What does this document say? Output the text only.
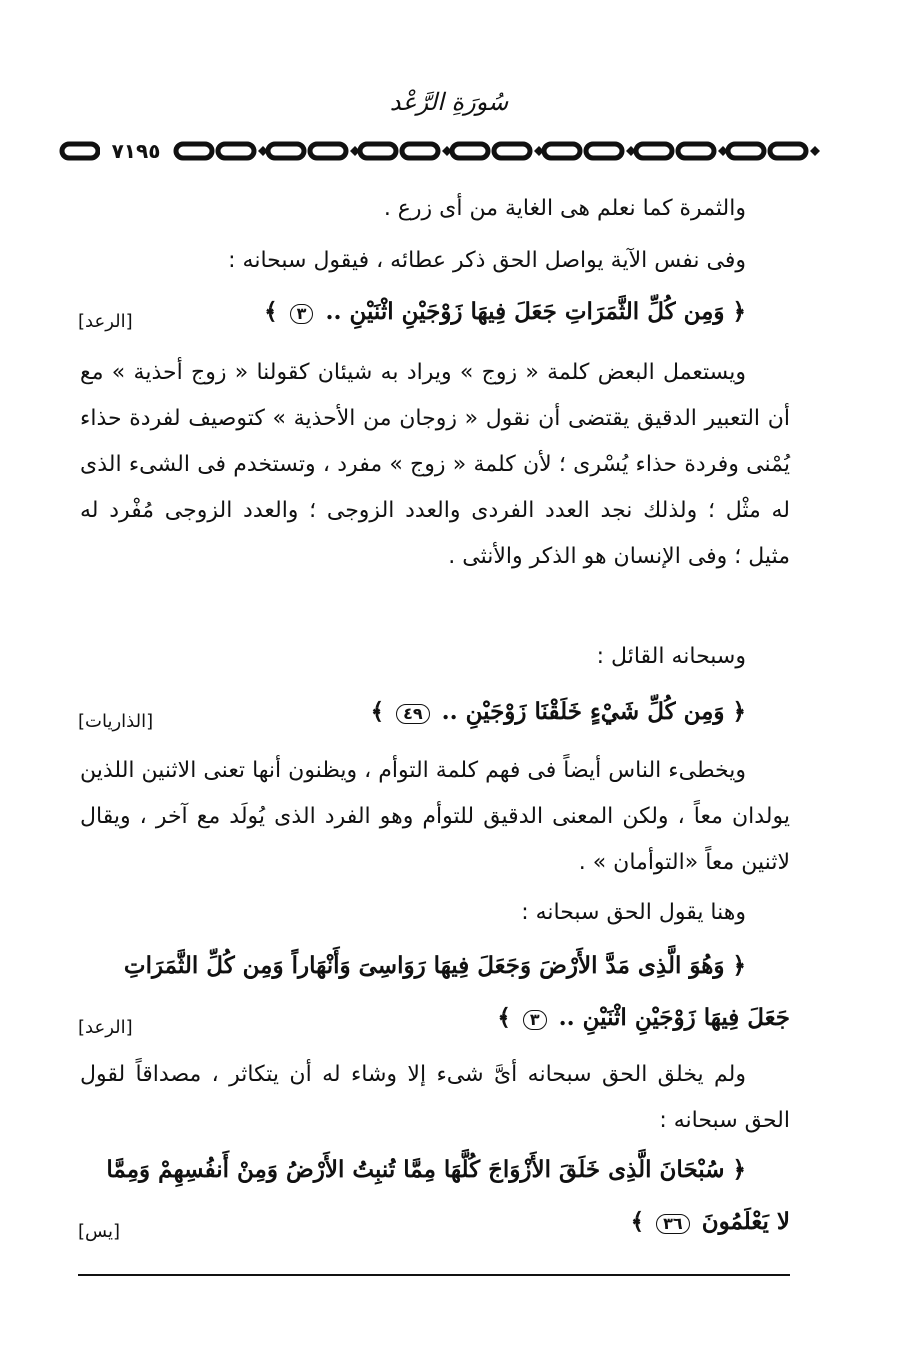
سُورَةِ الرَّعْد
٧١٩٥
والثمرة كما نعلم هى الغاية من أى زرع .
وفى نفس الآية يواصل الحق ذكر عطائه ، فيقول سبحانه :
﴿ وَمِن كُلِّ الثَّمَرَاتِ جَعَلَ فِيهَا زَوْجَيْنِ اثْنَيْنِ .. ٣ ﴾
[الرعد]
ويستعمل البعض كلمة « زوج » ويراد به شيئان كقولنا « زوج أحذية » مع أن التعبير الدقيق يقتضى أن نقول « زوجان من الأحذية » كتوصيف لفردة حذاء يُمْنى وفردة حذاء يُسْرى ؛ لأن كلمة « زوج » مفرد ، وتستخدم فى الشىء الذى له مثْل ؛ ولذلك نجد العدد الفردى والعدد الزوجى ؛ والعدد الزوجى مُفْرد له مثيل ؛ وفى الإنسان هو الذكر والأنثى .
وسبحانه القائل :
﴿ وَمِن كُلِّ شَيْءٍ خَلَقْنَا زَوْجَيْنِ .. ٤٩ ﴾
[الذاريات]
ويخطىء الناس أيضاً فى فهم كلمة التوأم ، ويظنون أنها تعنى الاثنين اللذين يولدان معاً ، ولكن المعنى الدقيق للتوأم وهو الفرد الذى يُولَد مع آخر ، ويقال لاثنين معاً «التوأمان » .
وهنا يقول الحق سبحانه :
﴿ وَهُوَ الَّذِى مَدَّ الأَرْضَ وَجَعَلَ فِيهَا رَوَاسِىَ وَأَنْهَاراً وَمِن كُلِّ الثَّمَرَاتِ
جَعَلَ فِيهَا زَوْجَيْنِ اثْنَيْنِ .. ٣ ﴾
[الرعد]
ولم يخلق الحق سبحانه أىَّ شىء إلا وشاء له أن يتكاثر ، مصداقاً لقول الحق سبحانه :
﴿ سُبْحَانَ الَّذِى خَلَقَ الأَزْوَاجَ كُلَّهَا مِمَّا تُنبِتُ الأَرْضُ وَمِنْ أَنفُسِهِمْ وَمِمَّا
لا يَعْلَمُونَ ٣٦ ﴾
[يس]
